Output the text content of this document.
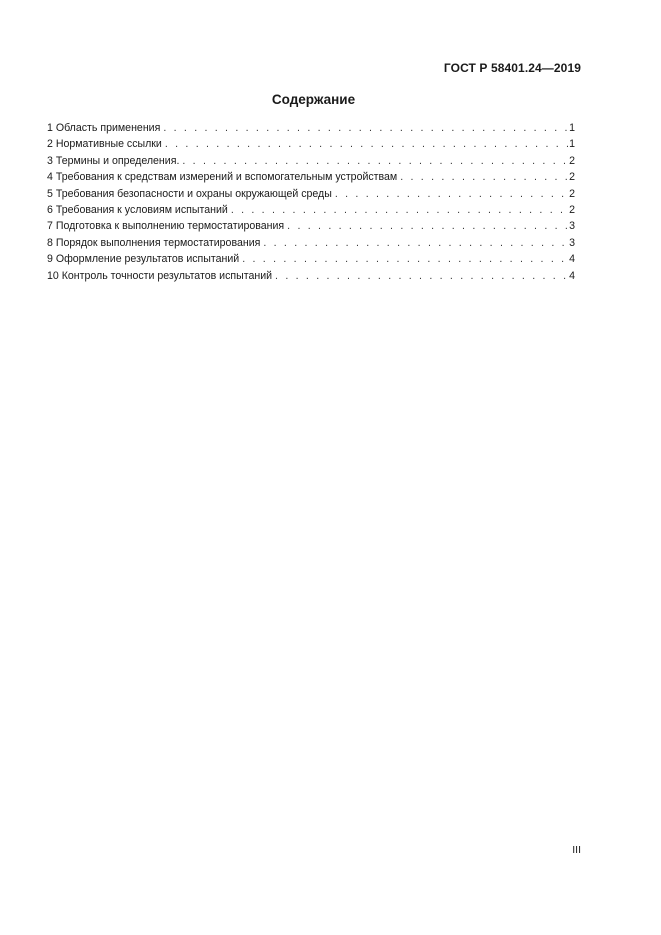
ГОСТ Р 58401.24—2019
Содержание
1 Область применения . . .	1
2 Нормативные ссылки . . .	1
3 Термины и определения. . . .	2
4 Требования к средствам измерений и вспомогательным устройствам . . .	2
5 Требования безопасности и охраны окружающей среды . . .	2
6 Требования к условиям испытаний . . .	2
7 Подготовка к выполнению термостатирования . . .	3
8 Порядок выполнения термостатирования . . .	3
9 Оформление результатов испытаний . . .	4
10 Контроль точности результатов испытаний . . .	4
III
